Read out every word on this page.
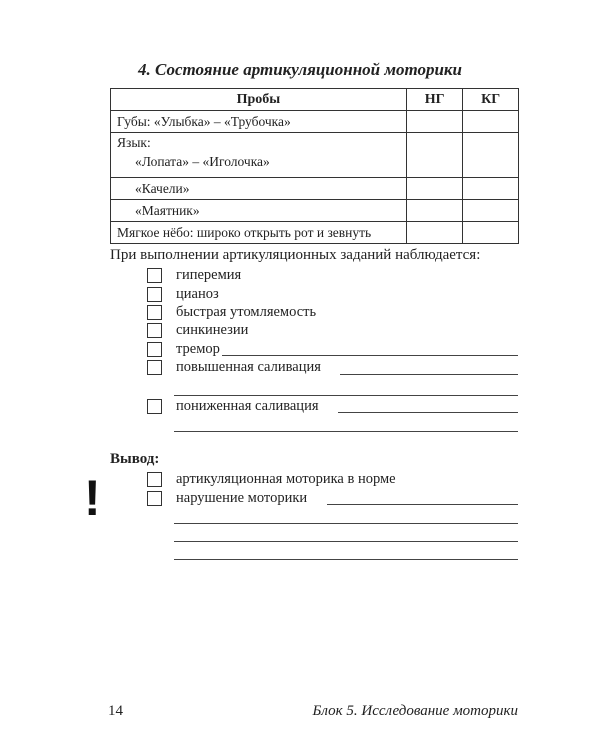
4. Состояние артикуляционной моторики
Пробы	НГ	КГ
Губы: «Улыбка» – «Трубочка»		

Язык:
«Лопата» – «Иголочка»		

«Качели»		
«Маятник»		
Мягкое нёбо: широко открыть рот и зевнуть		
При выполнении артикуляционных заданий наблюдается:
гиперемия
цианоз
быстрая утомляемость
синкинезии
тремор
повышенная саливация
пониженная саливация
Вывод:
!	артикуляционная моторика в норме
нарушение моторики
14	Блок 5. Исследование моторики
